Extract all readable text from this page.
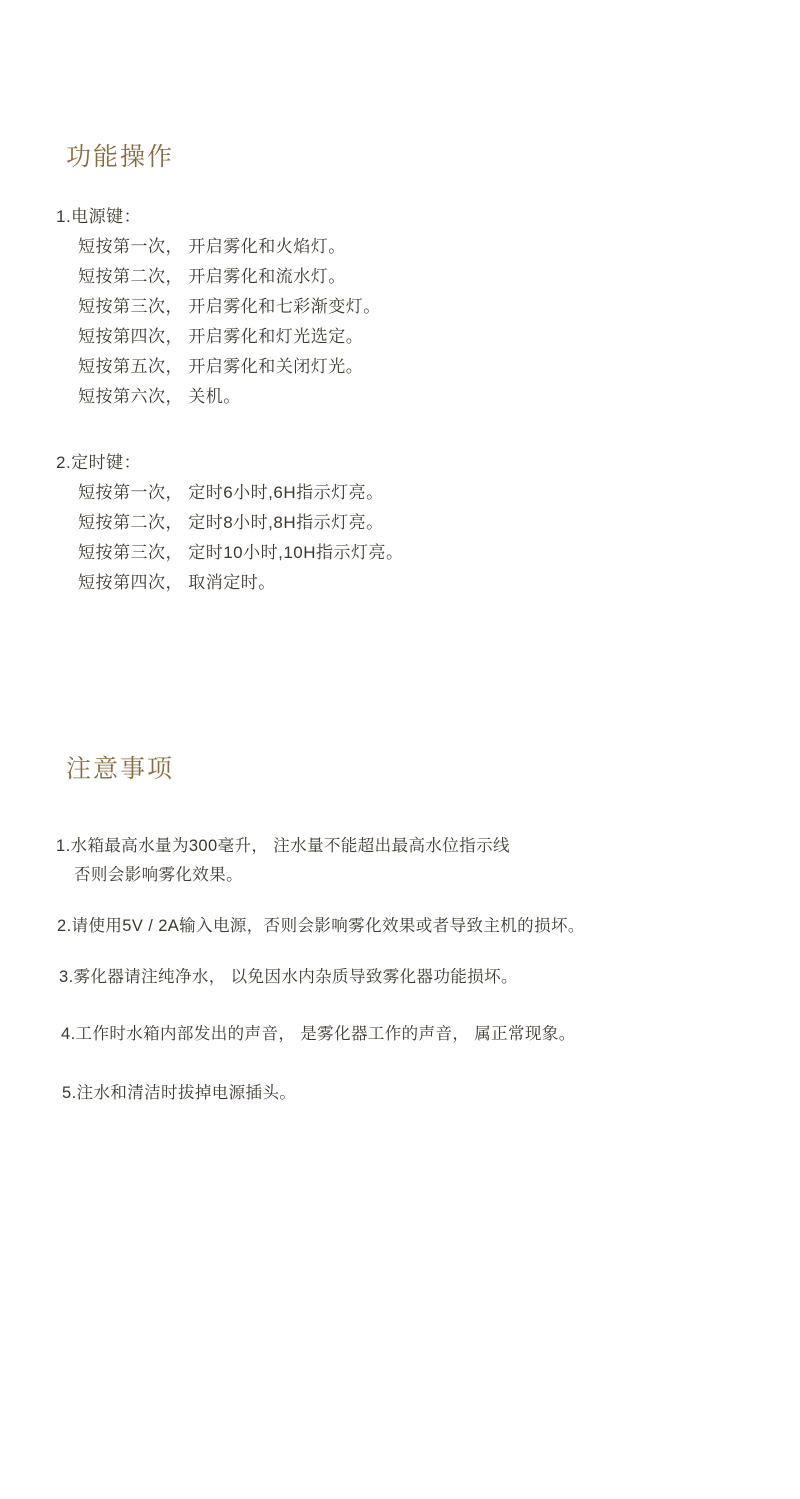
功能操作
1.电源键：
短按第一次， 开启雾化和火焰灯。
短按第二次， 开启雾化和流水灯。
短按第三次， 开启雾化和七彩渐变灯。
短按第四次， 开启雾化和灯光选定。
短按第五次， 开启雾化和关闭灯光。
短按第六次， 关机。
2.定时键：
短按第一次， 定时6小时,6H指示灯亮。
短按第二次， 定时8小时,8H指示灯亮。
短按第三次， 定时10小时,10H指示灯亮。
短按第四次， 取消定时。
注意事项
1.水箱最高水量为300毫升， 注水量不能超出最高水位指示线
否则会影响雾化效果。
2.请使用5V / 2A输入电源，否则会影响雾化效果或者导致主机的损坏。
3.雾化器请注纯净水， 以免因水内杂质导致雾化器功能损坏。
4.工作时水箱内部发出的声音， 是雾化器工作的声音， 属正常现象。
5.注水和清洁时拔掉电源插头。
